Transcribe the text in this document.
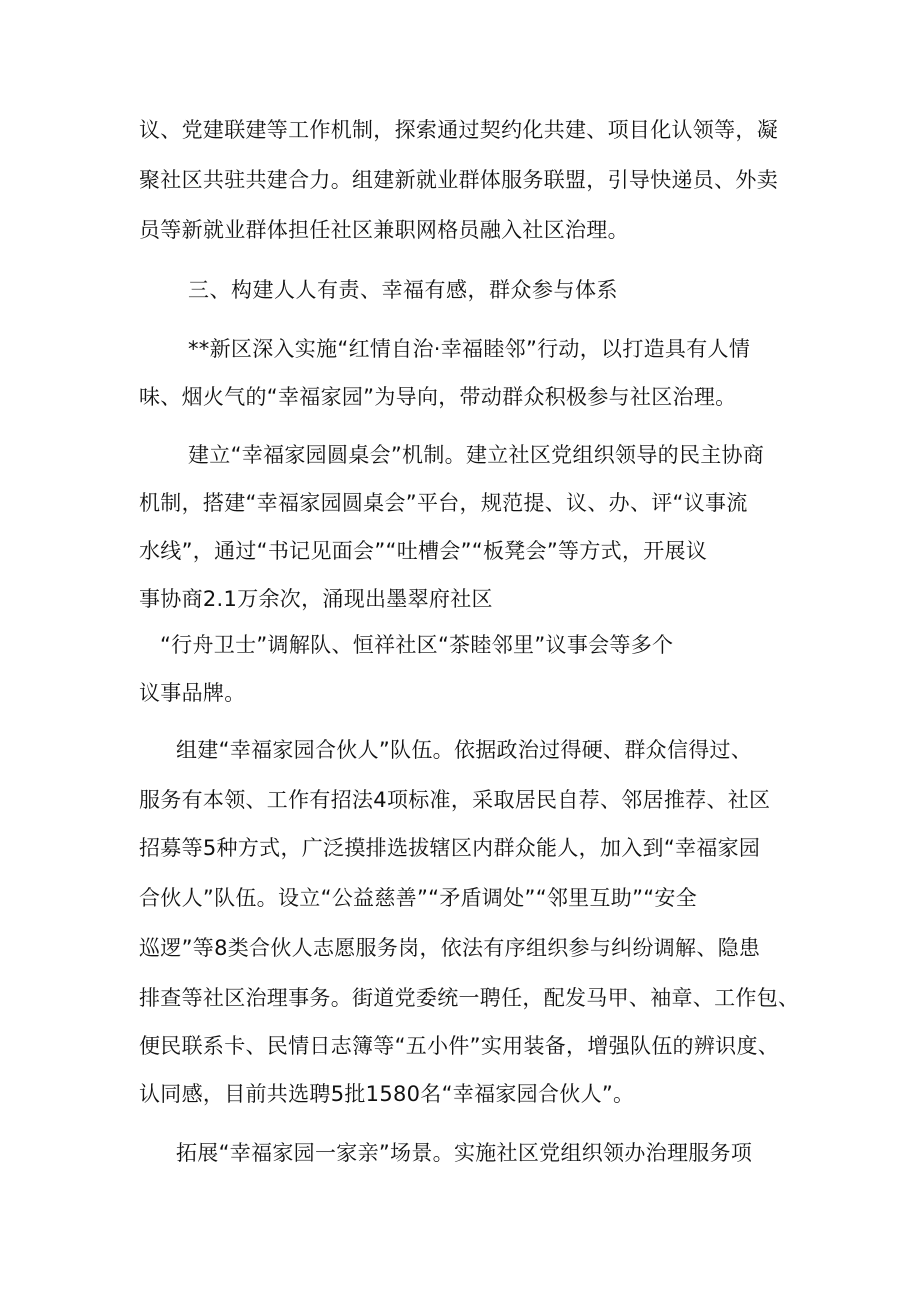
议、党建联建等工作机制，探索通过契约化共建、项目化认领等，凝
聚社区共驻共建合力。组建新就业群体服务联盟，引导快递员、外卖
员等新就业群体担任社区兼职网格员融入社区治理。
三、构建人人有责、幸福有感，群众参与体系
**新区深入实施“红情自治·幸福睦邻”行动，以打造具有人情
味、烟火气的“幸福家园”为导向，带动群众积极参与社区治理。
建立“幸福家园圆桌会”机制。建立社区党组织领导的民主协商
机制，搭建“幸福家园圆桌会”平台，规范提、议、办、评“议事流
水线”，通过“书记见面会”“吐槽会”“板凳会”等方式，开展议
事协商2.1万余次，涌现出墨翠府社区
“行舟卫士”调解队、恒祥社区“茶睦邻里”议事会等多个
议事品牌。
组建“幸福家园合伙人”队伍。依据政治过得硬、群众信得过、
服务有本领、工作有招法4项标准，采取居民自荐、邻居推荐、社区
招募等5种方式，广泛摸排选拔辖区内群众能人，加入到“幸福家园
合伙人”队伍。设立“公益慈善”“矛盾调处”“邻里互助”“安全
巡逻”等8类合伙人志愿服务岗，依法有序组织参与纠纷调解、隐患
排查等社区治理事务。街道党委统一聘任，配发马甲、袖章、工作包、
便民联系卡、民情日志簿等“五小件”实用装备，增强队伍的辨识度、
认同感，目前共选聘5批1580名“幸福家园合伙人”。
拓展“幸福家园一家亲”场景。实施社区党组织领办治理服务项
